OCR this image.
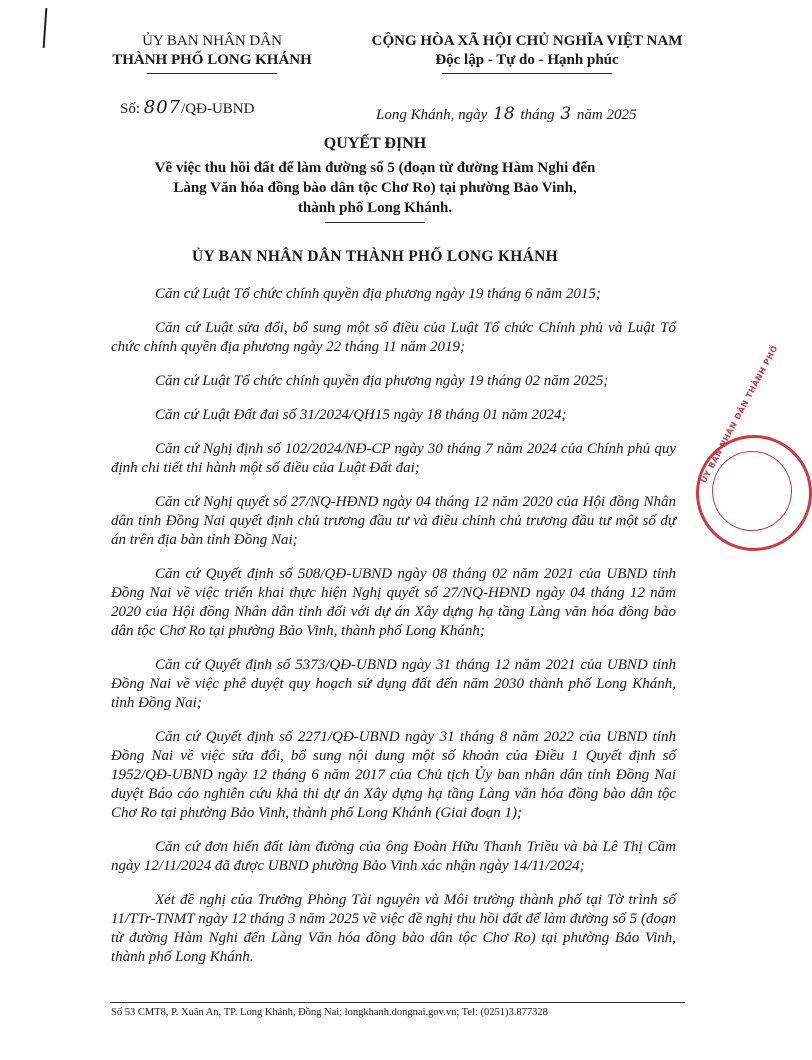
ỦY BAN NHÂN DÂN
THÀNH PHỐ LONG KHÁNH
CỘNG HÒA XÃ HỘI CHỦ NGHĨA VIỆT NAM
Độc lập - Tự do - Hạnh phúc
Số: 807/QĐ-UBND	Long Khánh, ngày 18 tháng 3 năm 2025
QUYẾT ĐỊNH
Về việc thu hồi đất để làm đường số 5 (đoạn từ đường Hàm Nghi đến
Làng Văn hóa đồng bào dân tộc Chơ Ro) tại phường Bảo Vinh,
thành phố Long Khánh.
ỦY BAN NHÂN DÂN THÀNH PHỐ LONG KHÁNH

Căn cứ Luật Tổ chức chính quyền địa phương ngày 19 tháng 6 năm 2015;

Căn cứ Luật sửa đổi, bổ sung một số điều của Luật Tổ chức Chính phủ và Luật Tổ chức chính quyền địa phương ngày 22 tháng 11 năm 2019;

Căn cứ Luật Tổ chức chính quyền địa phương ngày 19 tháng 02 năm 2025;

Căn cứ Luật Đất đai số 31/2024/QH15 ngày 18 tháng 01 năm 2024;

Căn cứ Nghị định số 102/2024/NĐ-CP ngày 30 tháng 7 năm 2024 của Chính phủ quy định chi tiết thi hành một số điều của Luật Đất đai;

Căn cứ Nghị quyết số 27/NQ-HĐND ngày 04 tháng 12 năm 2020 của Hội đồng Nhân dân tỉnh Đồng Nai quyết định chủ trương đầu tư và điều chỉnh chủ trương đầu tư một số dự án trên địa bàn tỉnh Đồng Nai;

Căn cứ Quyết định số 508/QĐ-UBND ngày 08 tháng 02 năm 2021 của UBND tỉnh Đồng Nai về việc triển khai thực hiện Nghị quyết số 27/NQ-HĐND ngày 04 tháng 12 năm 2020 của Hội đồng Nhân dân tỉnh đối với dự án Xây dựng hạ tầng Làng văn hóa đồng bào dân tộc Chơ Ro tại phường Bảo Vinh, thành phố Long Khánh;

Căn cứ Quyết định số 5373/QĐ-UBND ngày 31 tháng 12 năm 2021 của UBND tỉnh Đồng Nai về việc phê duyệt quy hoạch sử dụng đất đến năm 2030 thành phố Long Khánh, tỉnh Đồng Nai;

Căn cứ Quyết định số 2271/QĐ-UBND ngày 31 tháng 8 năm 2022 của UBND tỉnh Đồng Nai về việc sửa đổi, bổ sung nội dung một số khoản của Điều 1 Quyết định số 1952/QĐ-UBND ngày 12 tháng 6 năm 2017 của Chủ tịch Ủy ban nhân dân tỉnh Đồng Nai duyệt Báo cáo nghiên cứu khả thi dự án Xây dựng hạ tầng Làng văn hóa đồng bào dân tộc Chơ Ro tại phường Bảo Vinh, thành phố Long Khánh (Giai đoạn 1);

Căn cứ đơn hiến đất làm đường của ông Đoàn Hữu Thanh Triều và bà Lê Thị Cầm ngày 12/11/2024 đã được UBND phường Bảo Vinh xác nhận ngày 14/11/2024;

Xét đề nghị của Trưởng Phòng Tài nguyên và Môi trường thành phố tại Tờ trình số 11/TTr-TNMT ngày 12 tháng 3 năm 2025 về việc đề nghị thu hồi đất để làm đường số 5 (đoạn từ đường Hàm Nghi đến Làng Văn hóa đồng bào dân tộc Chơ Ro) tại phường Bảo Vinh, thành phố Long Khánh.

ỦY BAN NHÂN DÂN THÀNH PHỐ
Số 53 CMT8, P. Xuân An, TP. Long Khánh, Đồng Nai; longkhanh.dongnai.gov.vn; Tel: (0251)3.877328
